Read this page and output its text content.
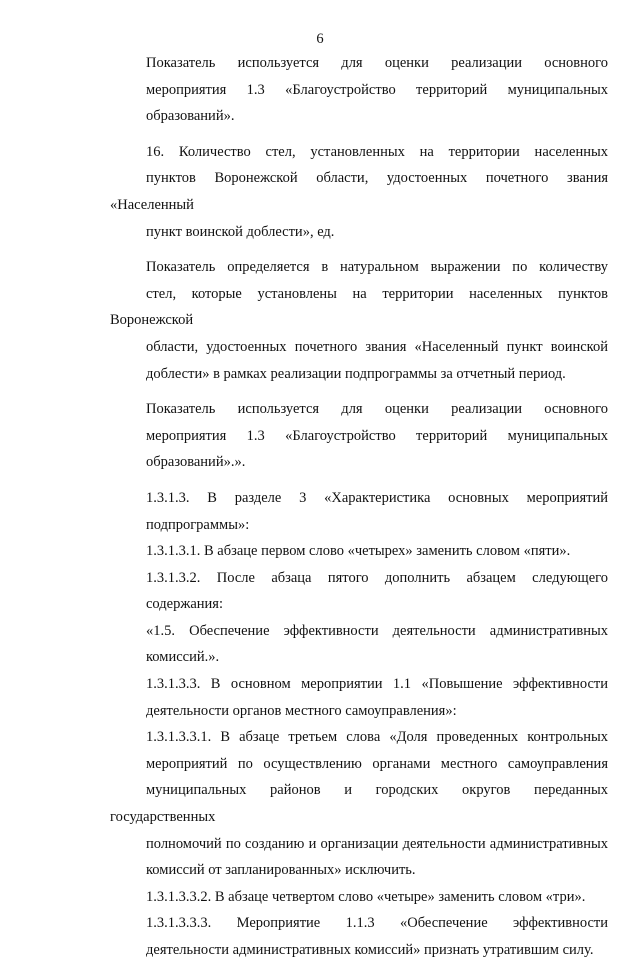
6

Показатель используется для оценки реализации основного
мероприятия 1.3 «Благоустройство территорий муниципальных
образований».

16. Количество стел, установленных на территории населенных
пунктов Воронежской области, удостоенных почетного звания «Населенный
пункт воинской доблести», ед.

Показатель определяется в натуральном выражении по количеству
стел, которые установлены на территории населенных пунктов Воронежской
области, удостоенных почетного звания «Населенный пункт воинской
доблести» в рамках реализации подпрограммы за отчетный период.

Показатель используется для оценки реализации основного
мероприятия 1.3 «Благоустройство территорий муниципальных
образований».».

1.3.1.3. В разделе 3 «Характеристика основных мероприятий
подпрограммы»:

1.3.1.3.1. В абзаце первом слово «четырех» заменить словом «пяти».

1.3.1.3.2. После абзаца пятого дополнить абзацем следующего
содержания:

«1.5. Обеспечение эффективности деятельности административных
комиссий.».

1.3.1.3.3. В основном мероприятии 1.1 «Повышение эффективности
деятельности органов местного самоуправления»:

1.3.1.3.3.1. В абзаце третьем слова «Доля проведенных контрольных
мероприятий по осуществлению органами местного самоуправления
муниципальных районов и городских округов переданных государственных
полномочий по созданию и организации деятельности административных
комиссий от запланированных» исключить.

1.3.1.3.3.2. В абзаце четвертом слово «четыре» заменить словом «три».

1.3.1.3.3.3. Мероприятие 1.1.3 «Обеспечение эффективности
деятельности административных комиссий» признать утратившим силу.
